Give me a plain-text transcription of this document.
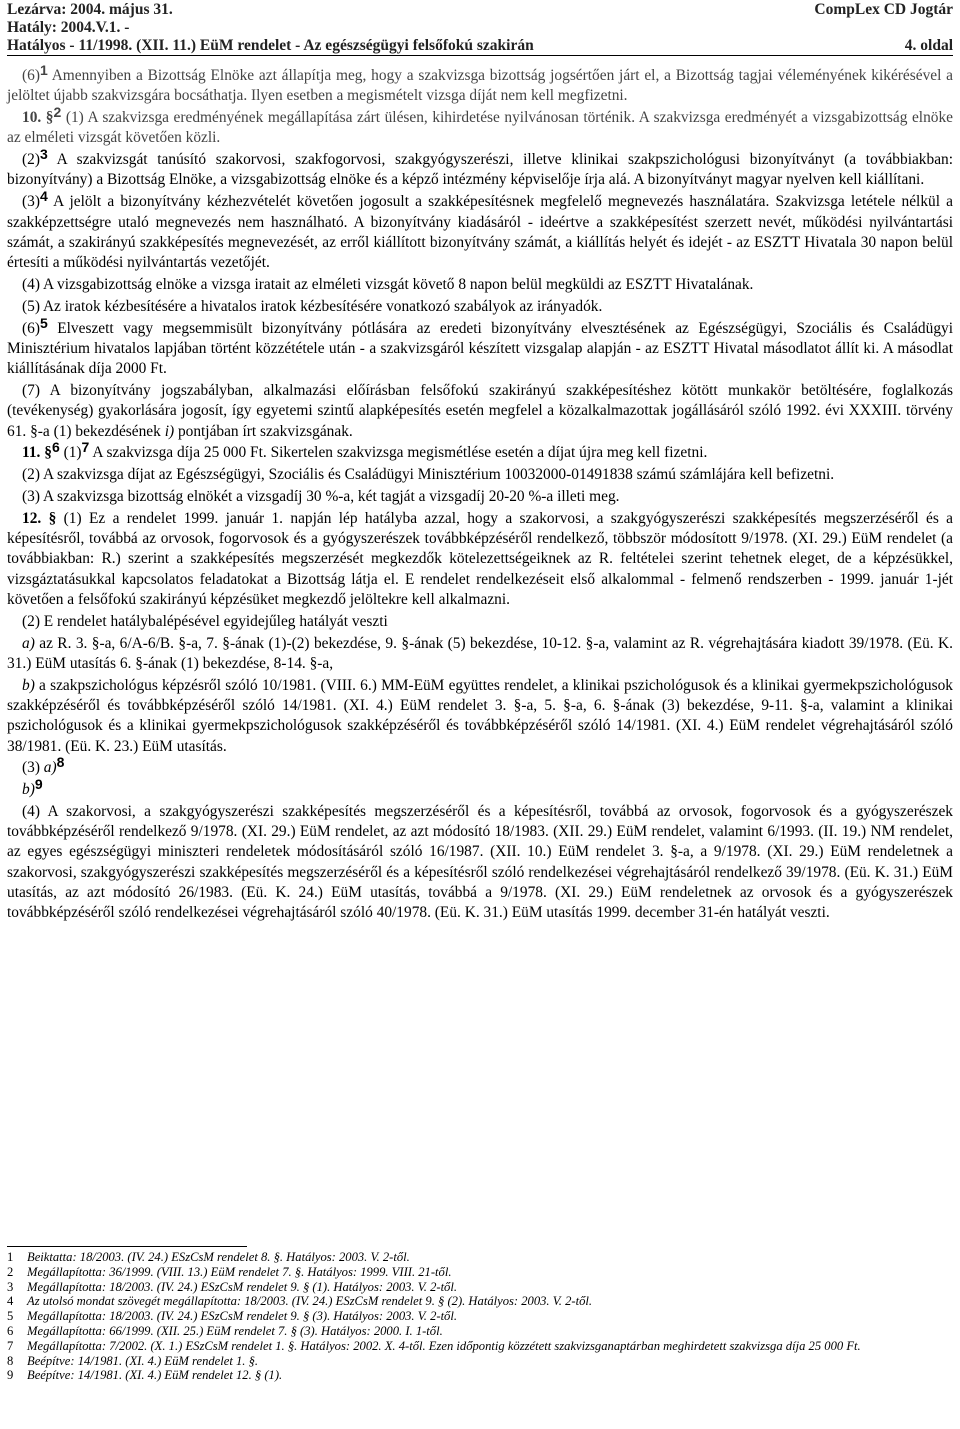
Lezárva: 2004. május 31.	CompLex CD Jogtár
Hatály: 2004.V.1. -
Hatályos - 11/1998. (XII. 11.) EüM rendelet - Az egészségügyi felsőfokú szakirán	4. oldal

(6)1 Amennyiben a Bizottság Elnöke azt állapítja meg, hogy a szakvizsga bizottság jogsértően járt el, a Bizottság tagjai véleményének kikérésével a jelöltet újabb szakvizsgára bocsáthatja. Ilyen esetben a megismételt vizsga díját nem kell megfizetni.

10. §2 (1) A szakvizsga eredményének megállapítása zárt ülésen, kihirdetése nyilvánosan történik. A szakvizsga eredményét a vizsgabizottság elnöke az elméleti vizsgát követően közli.

(2)3 A szakvizsgát tanúsító szakorvosi, szakfogorvosi, szakgyógyszerészi, illetve klinikai szakpszichológusi bizonyítványt (a továbbiakban: bizonyítvány) a Bizottság Elnöke, a vizsgabizottság elnöke és a képző intézmény képviselője írja alá. A bizonyítványt magyar nyelven kell kiállítani.

(3)4 A jelölt a bizonyítvány kézhezvételét követően jogosult a szakképesítésnek megfelelő megnevezés használatára. Szakvizsga letétele nélkül a szakképzettségre utaló megnevezés nem használható. A bizonyítvány kiadásáról - ideértve a szakképesítést szerzett nevét, működési nyilvántartási számát, a szakirányú szakképesítés megnevezését, az erről kiállított bizonyítvány számát, a kiállítás helyét és idejét - az ESZTT Hivatala 30 napon belül értesíti a működési nyilvántartás vezetőjét.

(4) A vizsgabizottság elnöke a vizsga iratait az elméleti vizsgát követő 8 napon belül megküldi az ESZTT Hivatalának.

(5) Az iratok kézbesítésére a hivatalos iratok kézbesítésére vonatkozó szabályok az irányadók.

(6)5 Elveszett vagy megsemmisült bizonyítvány pótlására az eredeti bizonyítvány elvesztésének az Egészségügyi, Szociális és Családügyi Minisztérium hivatalos lapjában történt közzététele után - a szakvizsgáról készített vizsgalap alapján - az ESZTT Hivatal másodlatot állít ki. A másodlat kiállításának díja 2000 Ft.

(7) A bizonyítvány jogszabályban, alkalmazási előírásban felsőfokú szakirányú szakképesítéshez kötött munkakör betöltésére, foglalkozás (tevékenység) gyakorlására jogosít, így egyetemi szintű alapképesítés esetén megfelel a közalkalmazottak jogállásáról szóló 1992. évi XXXIII. törvény 61. §-a (1) bekezdésének i) pontjában írt szakvizsgának.

11. §6 (1)7 A szakvizsga díja 25 000 Ft. Sikertelen szakvizsga megismétlése esetén a díjat újra meg kell fizetni.

(2) A szakvizsga díjat az Egészségügyi, Szociális és Családügyi Minisztérium 10032000-01491838 számú számlájára kell befizetni.

(3) A szakvizsga bizottság elnökét a vizsgadíj 30 %-a, két tagját a vizsgadíj 20-20 %-a illeti meg.

12. § (1) Ez a rendelet 1999. január 1. napján lép hatályba azzal, hogy a szakorvosi, a szakgyógyszerészi szakképesítés megszerzéséről és a képesítésről, továbbá az orvosok, fogorvosok és a gyógyszerészek továbbképzéséről rendelkező, többször módosított 9/1978. (XI. 29.) EüM rendelet (a továbbiakban: R.) szerint a szakképesítés megszerzését megkezdők kötelezettségeiknek az R. feltételei szerint tehetnek eleget, de a képzésükkel, vizsgáztatásukkal kapcsolatos feladatokat a Bizottság látja el. E rendelet rendelkezéseit első alkalommal - felmenő rendszerben - 1999. január 1-jét követően a felsőfokú szakirányú képzésüket megkezdő jelöltekre kell alkalmazni.

(2) E rendelet hatálybalépésével egyidejűleg hatályát veszti

a) az R. 3. §-a, 6/A-6/B. §-a, 7. §-ának (1)-(2) bekezdése, 9. §-ának (5) bekezdése, 10-12. §-a, valamint az R. végrehajtására kiadott 39/1978. (Eü. K. 31.) EüM utasítás 6. §-ának (1) bekezdése, 8-14. §-a,

b) a szakpszichológus képzésről szóló 10/1981. (VIII. 6.) MM-EüM együttes rendelet, a klinikai pszichológusok és a klinikai gyermekpszichológusok szakképzéséről és továbbképzéséről szóló 14/1981. (XI. 4.) EüM rendelet 3. §-a, 5. §-a, 6. §-ának (3) bekezdése, 9-11. §-a, valamint a klinikai pszichológusok és a klinikai gyermekpszichológusok szakképzéséről és továbbképzéséről szóló 14/1981. (XI. 4.) EüM rendelet végrehajtásáról szóló 38/1981. (Eü. K. 23.) EüM utasítás.

(3) a)8

b)9

(4) A szakorvosi, a szakgyógyszerészi szakképesítés megszerzéséről és a képesítésről, továbbá az orvosok, fogorvosok és a gyógyszerészek továbbképzéséről rendelkező 9/1978. (XI. 29.) EüM rendelet, az azt módosító 18/1983. (XII. 29.) EüM rendelet, valamint 6/1993. (II. 19.) NM rendelet, az egyes egészségügyi miniszteri rendeletek módosításáról szóló 16/1987. (XII. 10.) EüM rendelet 3. §-a, a 9/1978. (XI. 29.) EüM rendeletnek a szakorvosi, szakgyógyszerészi szakképesítés megszerzéséről és a képesítésről szóló rendelkezései végrehajtásáról rendelkező 39/1978. (Eü. K. 31.) EüM utasítás, az azt módosító 26/1983. (Eü. K. 24.) EüM utasítás, továbbá a 9/1978. (XI. 29.) EüM rendeletnek az orvosok és a gyógyszerészek továbbképzéséről szóló rendelkezései végrehajtásáról szóló 40/1978. (Eü. K. 31.) EüM utasítás 1999. december 31-én hatályát veszti.

1 Beiktatta: 18/2003. (IV. 24.) ESzCsM rendelet 8. §. Hatályos: 2003. V. 2-től.

2 Megállapította: 36/1999. (VIII. 13.) EüM rendelet 7. §. Hatályos: 1999. VIII. 21-től.

3 Megállapította: 18/2003. (IV. 24.) ESzCsM rendelet 9. § (1). Hatályos: 2003. V. 2-től.

4 Az utolsó mondat szövegét megállapította: 18/2003. (IV. 24.) ESzCsM rendelet 9. § (2). Hatályos: 2003. V. 2-től.

5 Megállapította: 18/2003. (IV. 24.) ESzCsM rendelet 9. § (3). Hatályos: 2003. V. 2-től.

6 Megállapította: 66/1999. (XII. 25.) EüM rendelet 7. § (3). Hatályos: 2000. I. 1-től.

7 Megállapította: 7/2002. (X. 1.) ESzCsM rendelet 1. §. Hatályos: 2002. X. 4-től. Ezen időpontig közzétett szakvizsganaptárban meghirdetett szakvizsga díja 25 000 Ft.

8 Beépítve: 14/1981. (XI. 4.) EüM rendelet 1. §.

9 Beépítve: 14/1981. (XI. 4.) EüM rendelet 12. § (1).
